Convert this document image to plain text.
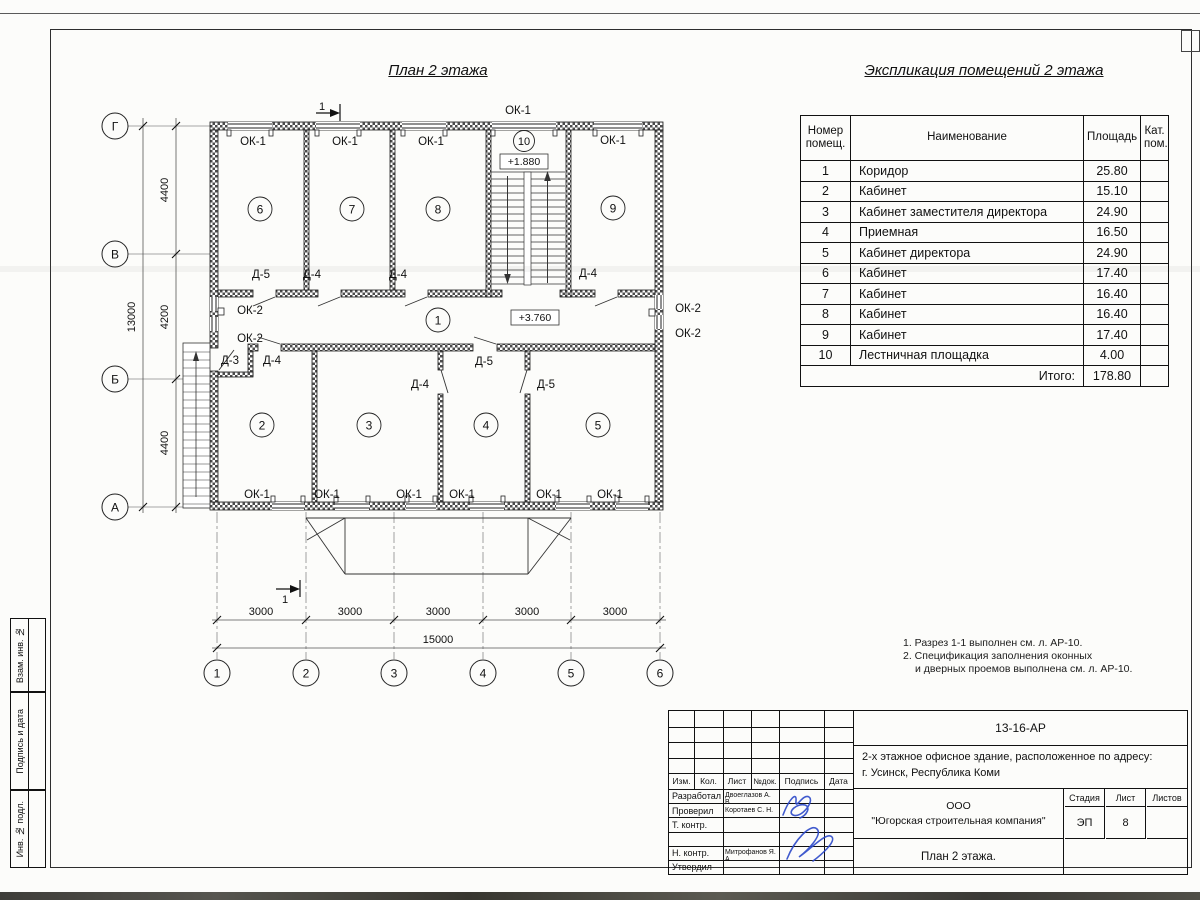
1
1
Г
В
Б
А
1	2	3	4	5	6
4400
4200
4400
13000
3000	3000	3000	3000	3000
15000
1
2	3	4	5
6	7	8	9
10
+1.880
+3.760
ОК-1	ОК-1	ОК-1
ОК-1
ОК-1
ОК-1	ОК-1	ОК-1 ОК-1	ОК-1	ОК-1
ОК-2
ОК-2
ОК-2
ОК-2
Д-5	Д-4	Д-4	Д-4
Д-3 Д-4
Д-4
Д-5
Д-5
План 2 этажа	Экспликация помещений 2 этажа
Номер помещ.	Наименование	Площадь	Кат. пом.
1	Коридор	25.80	
2	Кабинет	15.10	
3	Кабинет заместителя директора	24.90	
4	Приемная	16.50	
5	Кабинет директора	24.90	
6	Кабинет	17.40	
7	Кабинет	16.40	
8	Кабинет	16.40	
9	Кабинет	17.40	
10	Лестничная площадка	4.00	
Итого:		178.80	
1. Разрез 1-1 выполнен см. л. АР-10.
2. Спецификация заполнения оконных
и дверных проемов выполнена см. л. АР-10.
Изм.	Кол.	Лист №док. Подпись	Дата
Разработал Двоеглазов А. В.
Проверил	Коротаев С. Н.
Т. контр.
Н. контр.	Митрофанов Я. А.
Утвердил
13-16-АР
2-х этажное офисное здание, расположенное по адресу:
г. Усинск, Республика Коми
ООО
"Югорская строительная компания"
Стадия	Лист	Листов
ЭП	8
План 2 этажа.
Взам. инв. №
Подпись и дата
Инв. № подл.
